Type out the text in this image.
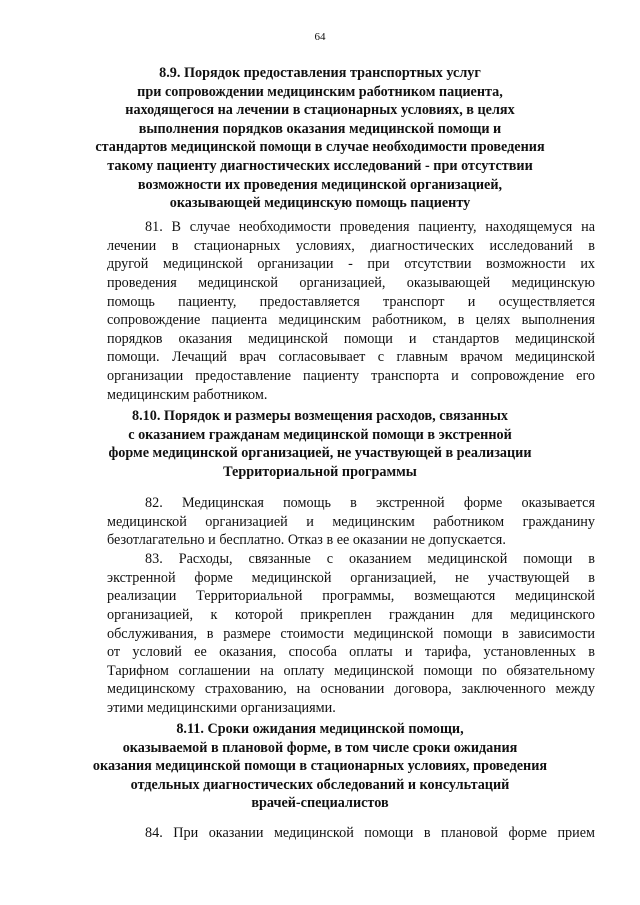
64
8.9. Порядок предоставления транспортных услуг
при сопровождении медицинским работником пациента,
находящегося на лечении в стационарных условиях, в целях
выполнения порядков оказания медицинской помощи и
стандартов медицинской помощи в случае необходимости проведения
такому пациенту диагностических исследований - при отсутствии
возможности их проведения медицинской организацией,
оказывающей медицинскую помощь пациенту
81. В случае необходимости проведения пациенту, находящемуся на
лечении в стационарных условиях, диагностических исследований в
другой медицинской организации - при отсутствии возможности их
проведения медицинской организацией, оказывающей медицинскую
помощь пациенту, предоставляется транспорт и осуществляется
сопровождение пациента медицинским работником, в целях выполнения
порядков оказания медицинской помощи и стандартов медицинской
помощи. Лечащий врач согласовывает с главным врачом медицинской
организации предоставление пациенту транспорта и сопровождение его
медицинским работником.
8.10. Порядок и размеры возмещения расходов, связанных
с оказанием гражданам медицинской помощи в экстренной
форме медицинской организацией, не участвующей в реализации
Территориальной программы
82. Медицинская помощь в экстренной форме оказывается
медицинской организацией и медицинским работником гражданину
безотлагательно и бесплатно. Отказ в ее оказании не допускается.
83. Расходы, связанные с оказанием медицинской помощи в
экстренной форме медицинской организацией, не участвующей в
реализации Территориальной программы, возмещаются медицинской
организацией, к которой прикреплен гражданин для медицинского
обслуживания, в размере стоимости медицинской помощи в зависимости
от условий ее оказания, способа оплаты и тарифа, установленных в
Тарифном соглашении на оплату медицинской помощи по обязательному
медицинскому страхованию, на основании договора, заключенного между
этими медицинскими организациями.
8.11. Сроки ожидания медицинской помощи,
оказываемой в плановой форме, в том числе сроки ожидания
оказания медицинской помощи в стационарных условиях, проведения
отдельных диагностических обследований и консультаций
врачей-специалистов
84. При оказании медицинской помощи в плановой форме прием
